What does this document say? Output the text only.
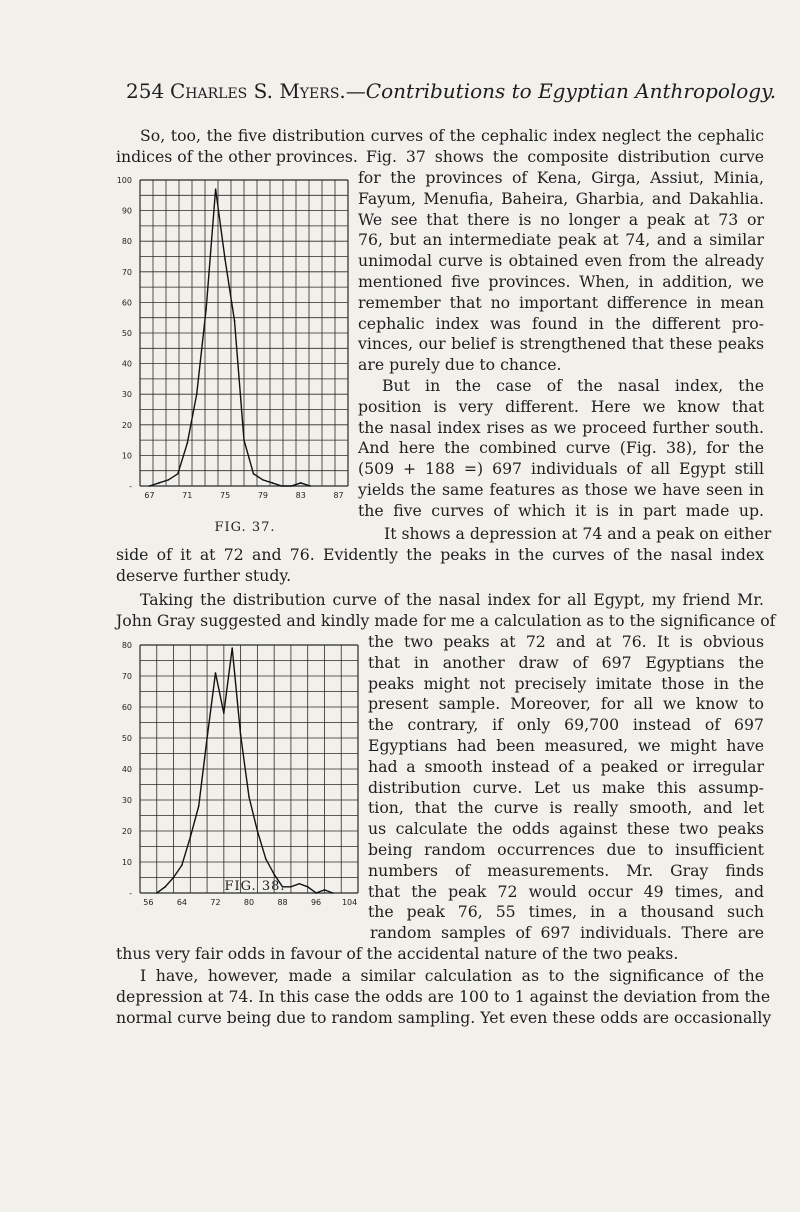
254 Charles S. Myers.—Contributions to Egyptian Anthropology.
So, too, the five distribution curves of the cephalic index neglect the cephalic
indices of the other provinces. Fig. 37 shows the composite distribution curve
for the provinces of Kena, Girga, Assiut, Minia,
Fayum, Menufia, Baheira, Gharbia, and Dakahlia.
We see that there is no longer a peak at 73 or
76, but an intermediate peak at 74, and a similar
unimodal curve is obtained even from the already
mentioned five provinces. When, in addition, we
remember that no important difference in mean
cephalic index was found in the different pro-
vinces, our belief is strengthened that these peaks
are purely due to chance.
But in the case of the nasal index, the
position is very different. Here we know that
the nasal index rises as we proceed further south.
And here the combined curve (Fig. 38), for the
(509 + 188 =) 697 individuals of all Egypt still
yields the same features as those we have seen in
the five curves of which it is in part made up.
It shows a depression at 74 and a peak on either
side of it at 72 and 76. Evidently the peaks in the curves of the nasal index
deserve further study.
Taking the distribution curve of the nasal index for all Egypt, my friend Mr.
John Gray suggested and kindly made for me a calculation as to the significance of
the two peaks at 72 and at 76. It is obvious
that in another draw of 697 Egyptians the
peaks might not precisely imitate those in the
present sample. Moreover, for all we know to
the contrary, if only 69,700 instead of 697
Egyptians had been measured, we might have
had a smooth instead of a peaked or irregular
distribution curve. Let us make this assump-
tion, that the curve is really smooth, and let
us calculate the odds against these two peaks
being random occurrences due to insufficient
numbers of measurements. Mr. Gray finds
that the peak 72 would occur 49 times, and
the peak 76, 55 times, in a thousand such
random samples of 697 individuals. There are
thus very fair odds in favour of the accidental nature of the two peaks.
I have, however, made a similar calculation as to the significance of the
depression at 74. In this case the odds are 100 to 1 against the deviation from the
normal curve being due to random sampling. Yet even these odds are occasionally
100
90
80
70
60
50
40
30
20
10
-
67	71	75	79	83	87
FIG. 37.
80
70
60
50
40
30
20
10
-
56	64	72	80	88	96	104
FIG. 38.
